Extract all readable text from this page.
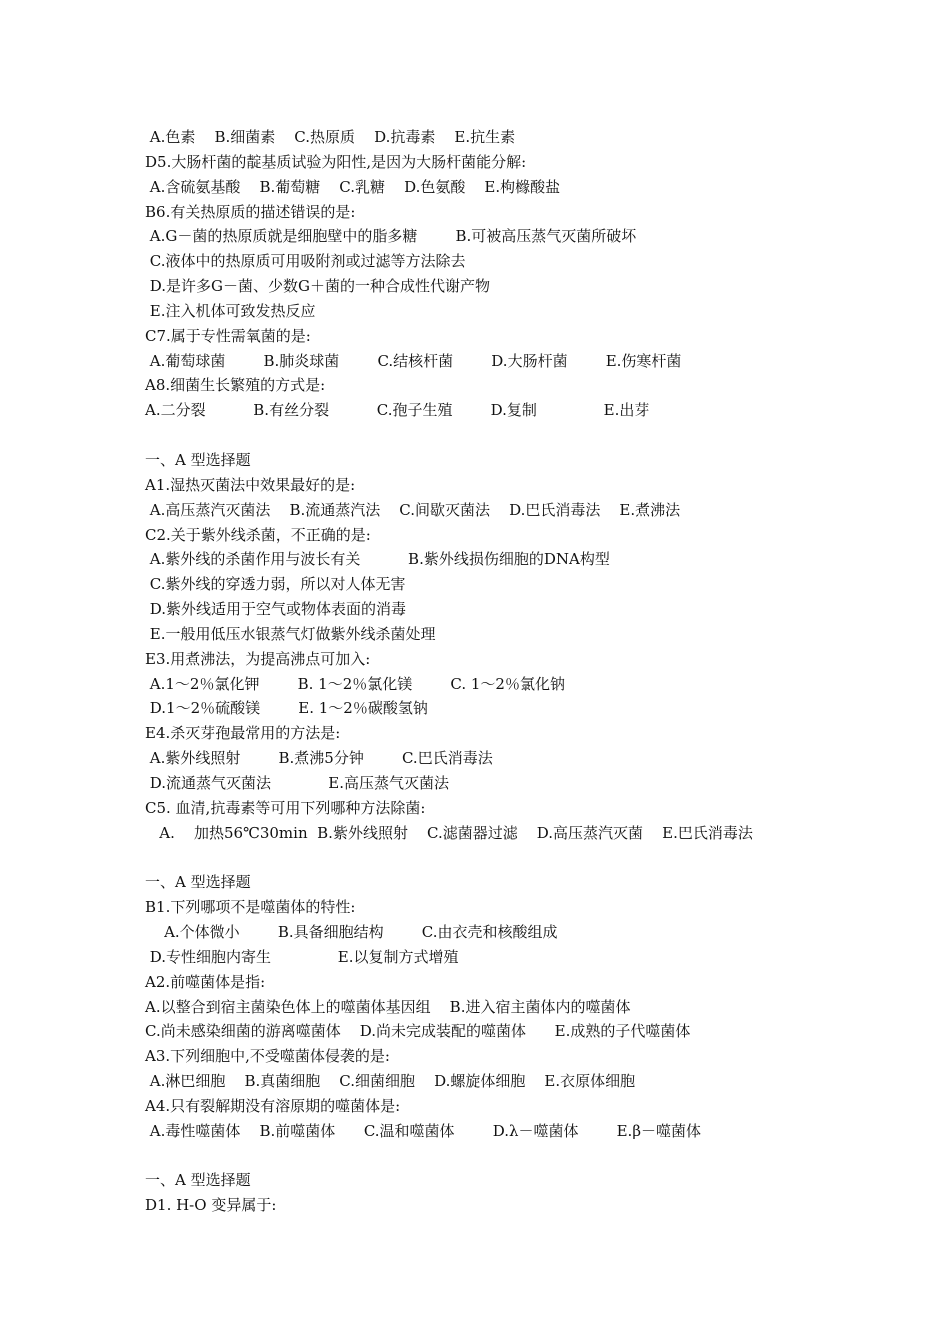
A.色素    B.细菌素    C.热原质    D.抗毒素    E.抗生素
D5.大肠杆菌的靛基质试验为阳性,是因为大肠杆菌能分解:
A.含硫氨基酸    B.葡萄糖    C.乳糖    D.色氨酸    E.枸橼酸盐
B6.有关热原质的描述错误的是:
A.G－菌的热原质就是细胞壁中的脂多糖        B.可被高压蒸气灭菌所破坏
C.液体中的热原质可用吸附剂或过滤等方法除去
D.是许多G－菌、少数G＋菌的一种合成性代谢产物
E.注入机体可致发热反应
C7.属于专性需氧菌的是:
A.葡萄球菌        B.肺炎球菌        C.结核杆菌        D.大肠杆菌        E.伤寒杆菌
A8.细菌生长繁殖的方式是:
A.二分裂          B.有丝分裂          C.孢子生殖        D.复制              E.出芽
一、A 型选择题
A1.湿热灭菌法中效果最好的是:
A.高压蒸汽灭菌法    B.流通蒸汽法    C.间歇灭菌法    D.巴氏消毒法    E.煮沸法
C2.关于紫外线杀菌，不正确的是:
A.紫外线的杀菌作用与波长有关          B.紫外线损伤细胞的DNA构型
C.紫外线的穿透力弱，所以对人体无害
D.紫外线适用于空气或物体表面的消毒
E.一般用低压水银蒸气灯做紫外线杀菌处理
E3.用煮沸法，为提高沸点可加入:
A.1～2％氯化钾        B. 1～2％氯化镁        C. 1～2％氯化钠
D.1～2％硫酸镁        E. 1～2％碳酸氢钠
E4.杀灭芽孢最常用的方法是:
A.紫外线照射        B.煮沸5分钟        C.巴氏消毒法
D.流通蒸气灭菌法            E.高压蒸气灭菌法
C5. 血清,抗毒素等可用下列哪种方法除菌:
A.    加热56℃30min  B.紫外线照射    C.滤菌器过滤    D.高压蒸汽灭菌    E.巴氏消毒法
一、A 型选择题
B1.下列哪项不是噬菌体的特性:
A.个体微小        B.具备细胞结构        C.由衣壳和核酸组成
D.专性细胞内寄生              E.以复制方式增殖
A2.前噬菌体是指:
A.以整合到宿主菌染色体上的噬菌体基因组    B.进入宿主菌体内的噬菌体
C.尚未感染细菌的游离噬菌体    D.尚未完成装配的噬菌体      E.成熟的子代噬菌体
A3.下列细胞中,不受噬菌体侵袭的是:
A.淋巴细胞    B.真菌细胞    C.细菌细胞    D.螺旋体细胞    E.衣原体细胞
A4.只有裂解期没有溶原期的噬菌体是:
A.毒性噬菌体    B.前噬菌体      C.温和噬菌体        D.λ－噬菌体        E.β－噬菌体
一、A 型选择题
D1. H-O 变异属于:
